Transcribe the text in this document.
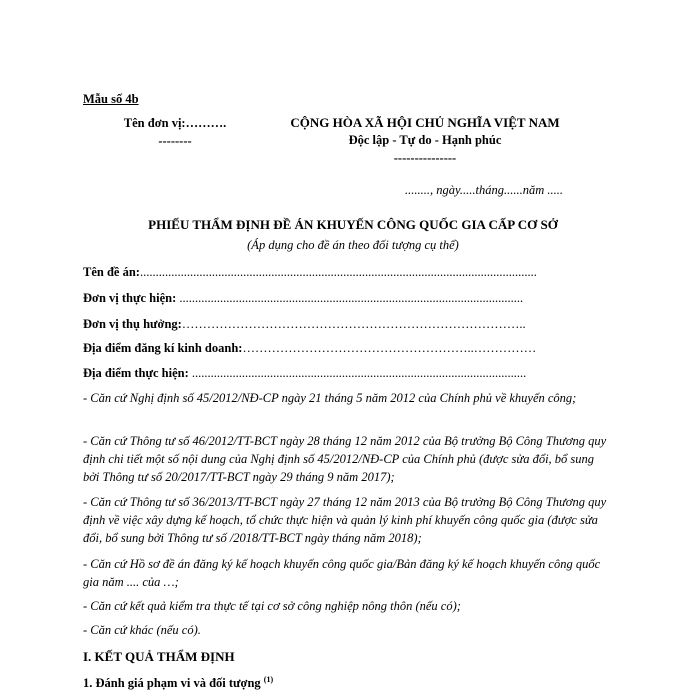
Mẫu số 4b
Tên đơn vị:……….
--------
CỘNG HÒA XÃ HỘI CHỦ NGHĨA VIỆT NAM
Độc lập - Tự do - Hạnh phúc
---------------
........, ngày.....tháng......năm .....
PHIẾU THẨM ĐỊNH ĐỀ ÁN KHUYẾN CÔNG QUỐC GIA CẤP CƠ SỞ
(Áp dụng cho đề án theo đối tượng cụ thể)
Tên đề án:...............................................................................................................................
Đơn vị thực hiện: ..............................................................................................................
Đơn vị thụ hưởng:………………………………………………………………………..
Địa điểm đăng kí kinh doanh:………………………………………………..……………
Địa điểm thực hiện: ...........................................................................................................
- Căn cứ Nghị định số 45/2012/NĐ-CP ngày 21 tháng 5 năm 2012 của Chính phủ về khuyến công;
- Căn cứ Thông tư số 46/2012/TT-BCT ngày 28 tháng 12 năm 2012 của Bộ trưởng Bộ Công Thương quy định chi tiết một số nội dung của Nghị định số 45/2012/NĐ-CP của Chính phủ (được sửa đổi, bổ sung bởi Thông tư số 20/2017/TT-BCT ngày 29 tháng 9 năm 2017);
- Căn cứ Thông tư số 36/2013/TT-BCT ngày 27 tháng 12 năm 2013 của Bộ trưởng Bộ Công Thương quy định về việc xây dựng kế hoạch, tổ chức thực hiện và quản lý kinh phí khuyến công quốc gia (được sửa đổi, bổ sung bởi Thông tư số /2018/TT-BCT ngày tháng năm 2018);
- Căn cứ Hồ sơ đề án đăng ký kế hoạch khuyến công quốc gia/Bản đăng ký kế hoạch khuyến công quốc gia năm .... của …;
- Căn cứ kết quả kiểm tra thực tế tại cơ sở công nghiệp nông thôn (nếu có);
- Căn cứ khác (nếu có).
I. KẾT QUẢ THẨM ĐỊNH
1. Đánh giá phạm vi và đối tượng $^{(1)}$
